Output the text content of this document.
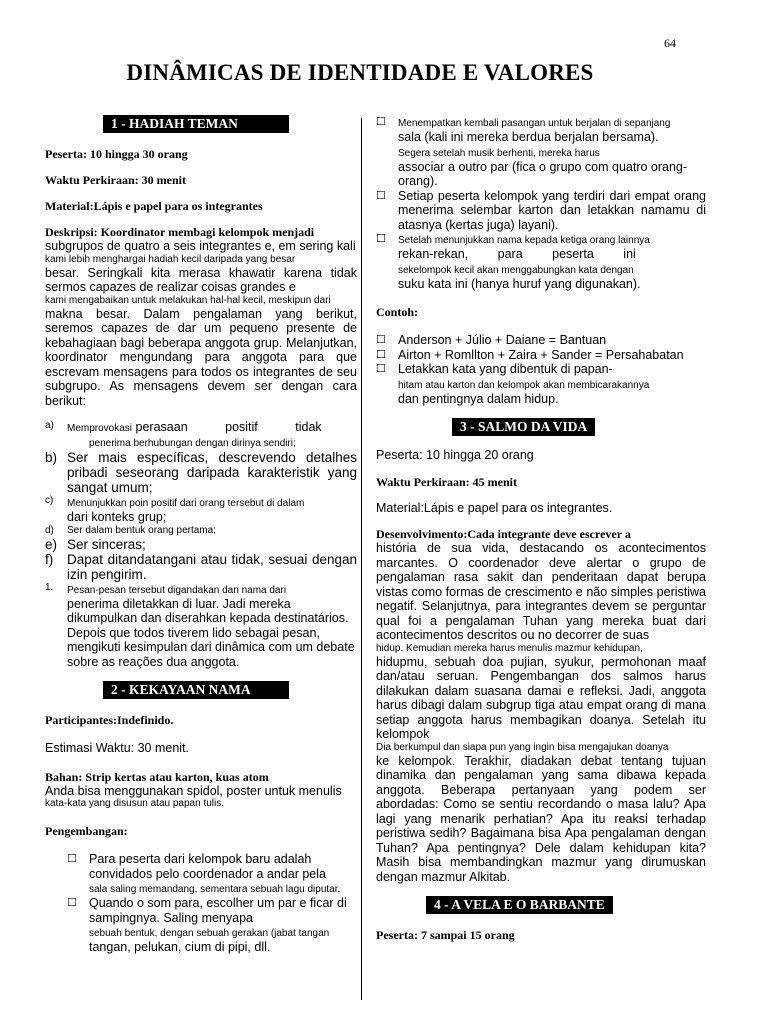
64
DINÂMICAS DE IDENTIDADE E VALORES
1 - HADIAH TEMAN

Peserta: 10 hingga 30 orang

Waktu Perkiraan: 30 menit

Material:Lápis e papel para os integrantes

Deskripsi: Koordinator membagi kelompok menjadi

subgrupos de quatro a seis integrantes e, em sering kali

kami lebih menghargai hadiah kecil daripada yang besar

besar. Seringkali kita merasa khawatir karena tidak sermos capazes de realizar coisas grandes e

kami mengabaikan untuk melakukan hal-hal kecil, meskipun dari

makna besar. Dalam pengalaman yang berikut, seremos capazes de dar um pequeno presente de kebahagiaan bagi beberapa anggota grup. Melanjutkan, koordinator mengundang para anggota para que escrevam mensagens para todos os integrantes de seu subgrupo. As mensagens devem ser dengan cara berikut:

a)	Memprovokasi perasaan positif tidak
penerima berhubungan dengan dirinya sendiri;
b) Ser mais específicas, descrevendo detalhes pribadi seseorang daripada karakteristik yang sangat umum;
c)	Menunjukkan poin positif dari orang tersebut di dalam
dari konteks grup;
d)	Ser dalam bentuk orang pertama;
e) Ser sinceras;
f)	Dapat ditandatangani atau tidak, sesuai dengan izin pengirim.
1.	Pesan-pesan tersebut digandakan dan nama dari
penerima diletakkan di luar. Jadi mereka dikumpulkan dan diserahkan kepada destinatários. Depois que todos tiverem lido sebagai pesan, mengikuti kesimpulan dari dinâmica com um debate sobre as reações dua anggota.
2 - KEKAYAAN NAMA

Participantes:Indefinido.

Estimasi Waktu: 30 menit.

Bahan: Strip kertas atau karton, kuas atom

Anda bisa menggunakan spidol, poster untuk menulis

kata-kata yang disusun atau papan tulis.

Pengembangan:

☐ Para peserta dari kelompok baru adalah convidados pelo coordenador a andar pela
sala saling memandang, sementara sebuah lagu diputar.
☐ Quando o som para, escolher um par e ficar di sampingnya. Saling menyapa
sebuah bentuk, dengan sebuah gerakan (jabat tangan
tangan, pelukan, cium di pipi, dll.
☐	Menempatkan kembali pasangan untuk berjalan di sepanjang
sala (kali ini mereka berdua berjalan bersama).
Segera setelah musik berhenti, mereka harus
associar a outro par (fica o grupo com quatro orang-orang).
☐ Setiap peserta kelompok yang terdiri dari empat orang menerima selembar karton dan letakkan namamu di atasnya (kertas juga) layani).
☐	Setelah menunjukkan nama kepada ketiga orang lainnya
rekan-rekan, para peserta ini
sekelompok kecil akan menggabungkan kata dengan
suku kata ini (hanya huruf yang digunakan).

Contoh:

☐ Anderson + Júlio + Daiane = Bantuan
☐ Airton + Romllton + Zaira + Sander = Persahabatan
☐ Letakkan kata yang dibentuk di papan-
hitam atau karton dan kelompok akan membicarakannya
dan pentingnya dalam hidup.
3 - SALMO DA VIDA

Peserta: 10 hingga 20 orang

Waktu Perkiraan: 45 menit

Material:Lápis e papel para os integrantes.

Desenvolvimento:Cada integrante deve escrever a

história de sua vida, destacando os acontecimentos marcantes. O coordenador deve alertar o grupo de pengalaman rasa sakit dan penderitaan dapat berupa vistas como formas de crescimento e não simples peristiwa negatif. Selanjutnya, para integrantes devem se perguntar qual foi a pengalaman Tuhan yang mereka buat dari acontecimentos descritos ou no decorrer de suas

hidup. Kemudian mereka harus menulis mazmur kehidupan,

hidupmu, sebuah doa pujian, syukur, permohonan maaf dan/atau seruan. Pengembangan dos salmos harus dilakukan dalam suasana damai e refleksi. Jadi, anggota harus dibagi dalam subgrup tiga atau empat orang di mana setiap anggota harus membagikan doanya. Setelah itu kelompok

Dia berkumpul dan siapa pun yang ingin bisa mengajukan doanya

ke kelompok. Terakhir, diadakan debat tentang tujuan dinamika dan pengalaman yang sama dibawa kepada anggota. Beberapa pertanyaan yang podem ser abordadas: Como se sentiu recordando o masa lalu? Apa lagi yang menarik perhatian? Apa itu reaksi terhadap peristiwa sedih? Bagaimana bisa Apa pengalaman dengan Tuhan? Apa pentingnya? Dele dalam kehidupan kita? Masih bisa membandingkan mazmur yang dirumuskan dengan mazmur Alkitab.

4 - A VELA E O BARBANTE

Peserta: 7 sampai 15 orang
